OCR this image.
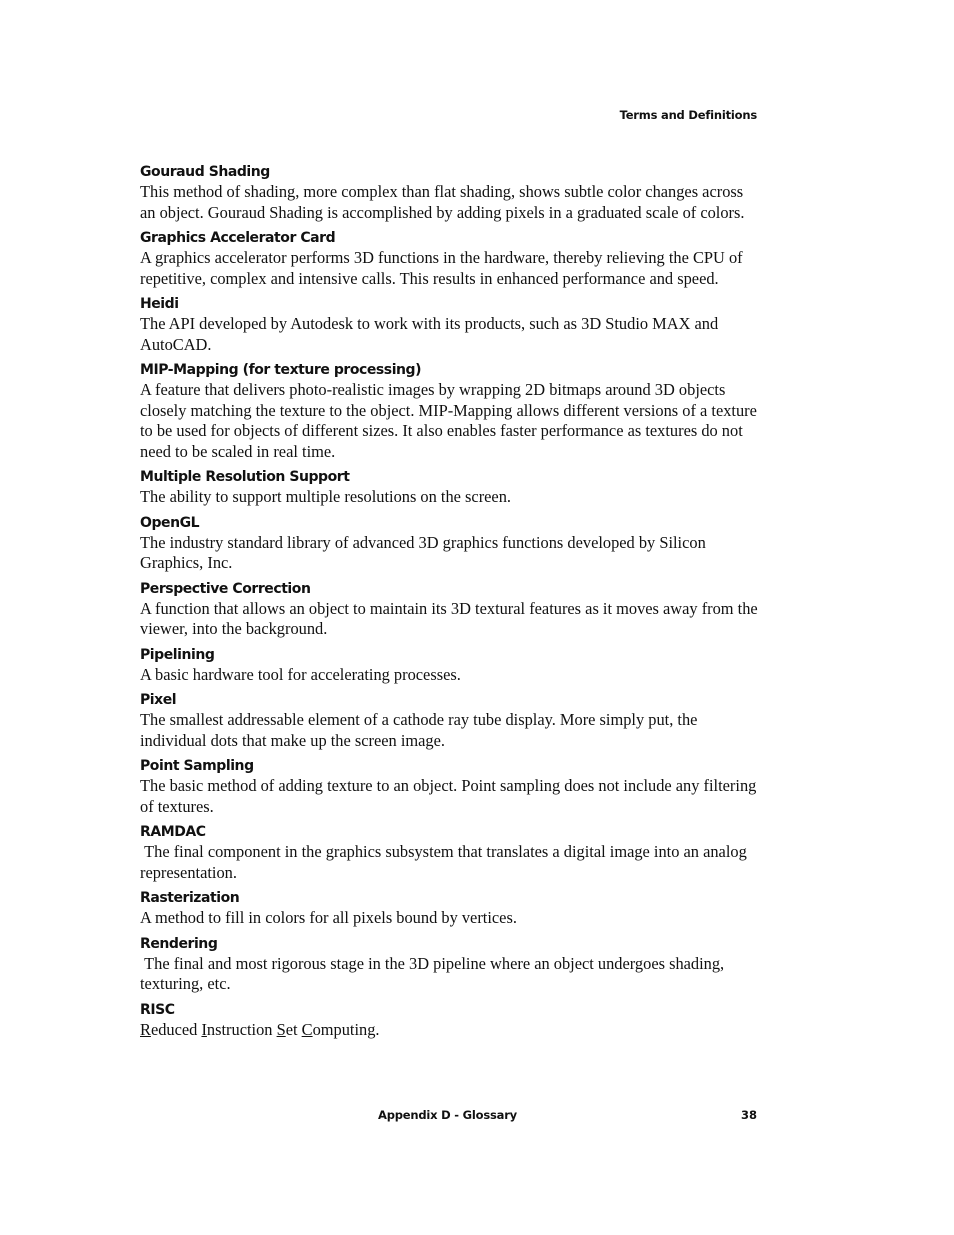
Terms and Definitions
Gouraud Shading
This method of shading, more complex than flat shading, shows subtle color changes across an object. Gouraud Shading is accomplished by adding pixels in a graduated scale of colors.
Graphics Accelerator Card
A graphics accelerator performs 3D functions in the hardware, thereby relieving the CPU of repetitive, complex and intensive calls. This results in enhanced performance and speed.
Heidi
The API developed by Autodesk to work with its products, such as 3D Studio MAX and AutoCAD.
MIP-Mapping (for texture processing)
A feature that delivers photo-realistic images by wrapping 2D bitmaps around 3D objects closely matching the texture to the object. MIP-Mapping allows different versions of a texture to be used for objects of different sizes. It also enables faster performance as textures do not need to be scaled in real time.
Multiple Resolution Support
The ability to support multiple resolutions on the screen.
OpenGL
The industry standard library of advanced 3D graphics functions developed by Silicon Graphics, Inc.
Perspective Correction
A function that allows an object to maintain its 3D textural features as it moves away from the viewer, into the background.
Pipelining
A basic hardware tool for accelerating processes.
Pixel
The smallest addressable element of a cathode ray tube display. More simply put, the individual dots that make up the screen image.
Point Sampling
The basic method of adding texture to an object. Point sampling does not include any filtering of textures.
RAMDAC
The final component in the graphics subsystem that translates a digital image into an analog representation.
Rasterization
A method to fill in colors for all pixels bound by vertices.
Rendering
The final and most rigorous stage in the 3D pipeline where an object undergoes shading, texturing, etc.
RISC
Reduced Instruction Set Computing.
Appendix D - Glossary	38
